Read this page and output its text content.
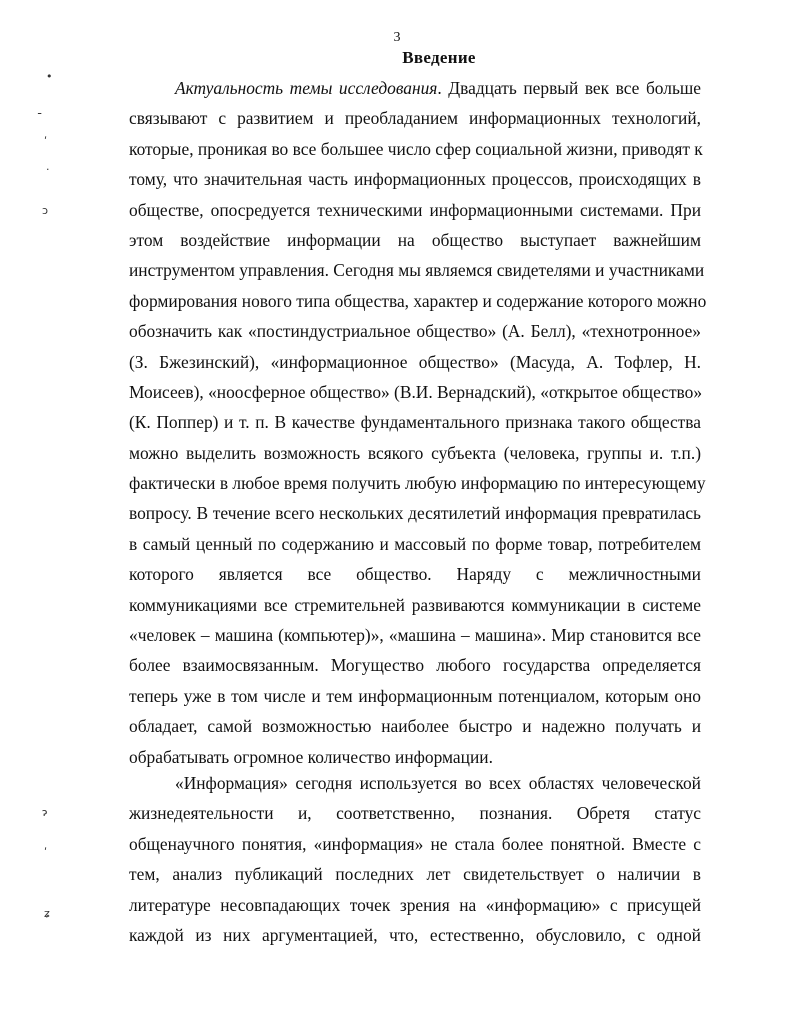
3
Введение
Актуальность темы исследования. Двадцать первый век все больше
связывают с развитием и преобладанием информационных технологий,
которые, проникая во все большее число сфер социальной жизни, приводят к
тому, что значительная часть информационных процессов, происходящих в
обществе, опосредуется техническими информационными системами. При
этом воздействие информации на общество выступает важнейшим
инструментом управления. Сегодня мы являемся свидетелями и участниками
формирования нового типа общества, характер и содержание которого можно
обозначить как «постиндустриальное общество» (А. Белл), «технотронное»
(З. Бжезинский), «информационное общество» (Масуда, А. Тофлер, Н.
Моисеев), «ноосферное общество» (В.И. Вернадский), «открытое общество»
(К. Поппер) и т. п. В качестве фундаментального признака такого общества
можно выделить возможность всякого субъекта (человека, группы и. т.п.)
фактически в любое время получить любую информацию по интересующему
вопросу. В течение всего нескольких десятилетий информация превратилась
в самый ценный по содержанию и массовый по форме товар, потребителем
которого является все общество. Наряду с межличностными
коммуникациями все стремительней развиваются коммуникации в системе
«человек – машина (компьютер)», «машина – машина». Мир становится все
более взаимосвязанным. Могущество любого государства определяется
теперь уже в том числе и тем информационным потенциалом, которым оно
обладает, самой возможностью наиболее быстро и надежно получать и
обрабатывать огромное количество информации.
«Информация» сегодня используется во всех областях человеческой
жизнедеятельности и, соответственно, познания. Обретя статус
общенаучного понятия, «информация» не стала более понятной. Вместе с
тем, анализ публикаций последних лет свидетельствует о наличии в
литературе несовпадающих точек зрения на «информацию» с присущей
каждой из них аргументацией, что, естественно, обусловило, с одной
•
ـ
ʹ
·
ɔ
ɂ
ʹ
ʑ
